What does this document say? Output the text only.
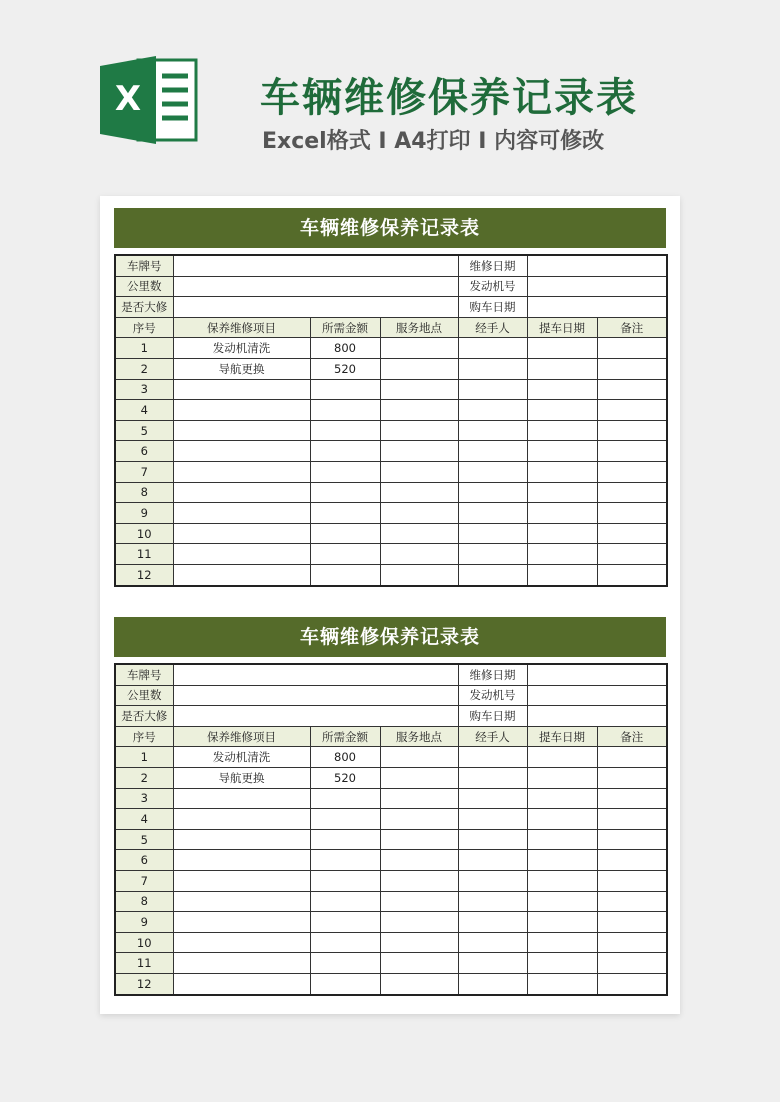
X	车辆维修保养记录表
Excel格式 I A4打印 I 内容可修改
车辆维修保养记录表
车牌号				维修日期		
公里数				发动机号		
是否大修				购车日期		
序号	保养维修项目	所需金额	服务地点	经手人	提车日期	备注
1	发动机清洗	800				
2	导航更换	520				
3						
4						
5						
6						
7						
8						
9						
10						
11						
12						
车辆维修保养记录表
车牌号				维修日期		
公里数				发动机号		
是否大修				购车日期		
序号	保养维修项目	所需金额	服务地点	经手人	提车日期	备注
1	发动机清洗	800				
2	导航更换	520				
3						
4						
5						
6						
7						
8						
9						
10						
11						
12						
